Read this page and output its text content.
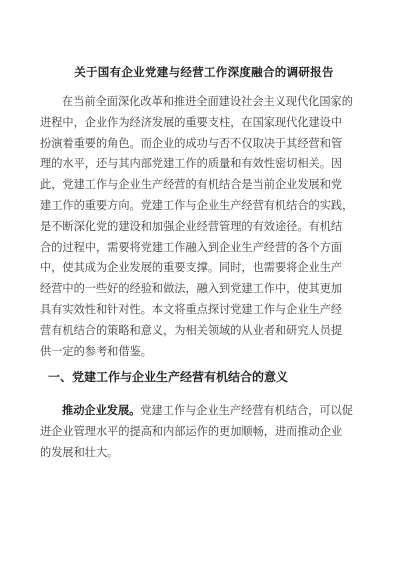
关于国有企业党建与经营工作深度融合的调研报告
在当前全面深化改革和推进全面建设社会主义现代化国家的
进程中，企业作为经济发展的重要支柱，在国家现代化建设中
扮演着重要的角色。而企业的成功与否不仅取决于其经营和管
理的水平，还与其内部党建工作的质量和有效性密切相关。因
此，党建工作与企业生产经营的有机结合是当前企业发展和党
建工作的重要方向。党建工作与企业生产经营有机结合的实践，
是不断深化党的建设和加强企业经营管理的有效途径。有机结
合的过程中，需要将党建工作融入到企业生产经营的各个方面
中，使其成为企业发展的重要支撑。同时，也需要将企业生产
经营中的一些好的经验和做法，融入到党建工作中，使其更加
具有实效性和针对性。本文将重点探讨党建工作与企业生产经
营有机结合的策略和意义，为相关领域的从业者和研究人员提
供一定的参考和借鉴。
一、党建工作与企业生产经营有机结合的意义
推动企业发展。党建工作与企业生产经营有机结合，可以促
进企业管理水平的提高和内部运作的更加顺畅，进而推动企业
的发展和壮大。
